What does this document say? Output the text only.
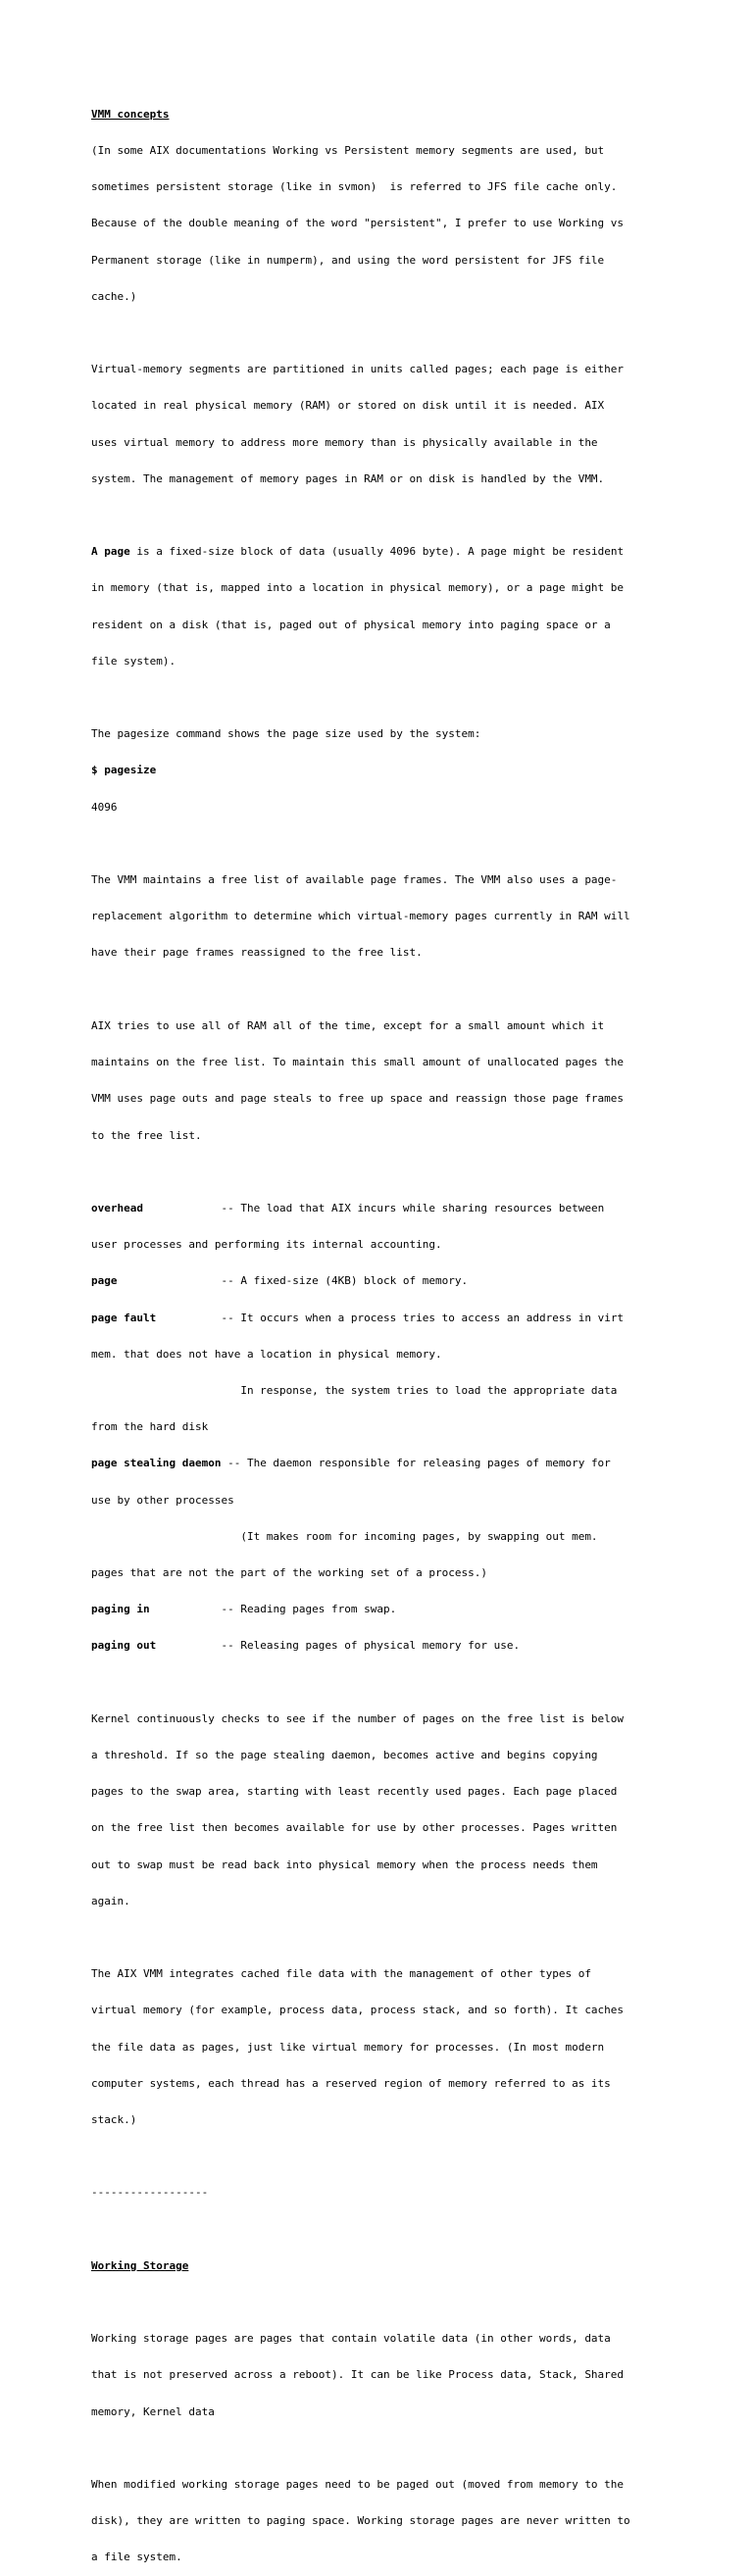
VMM concepts

(In some AIX documentations Working vs Persistent memory segments are used, but

sometimes persistent storage (like in svmon)  is referred to JFS file cache only.

Because of the double meaning of the word "persistent", I prefer to use Working vs

Permanent storage (like in numperm), and using the word persistent for JFS file

cache.)

Virtual-memory segments are partitioned in units called pages; each page is either

located in real physical memory (RAM) or stored on disk until it is needed. AIX

uses virtual memory to address more memory than is physically available in the

system. The management of memory pages in RAM or on disk is handled by the VMM.

A page is a fixed-size block of data (usually 4096 byte). A page might be resident

in memory (that is, mapped into a location in physical memory), or a page might be

resident on a disk (that is, paged out of physical memory into paging space or a

file system).

The pagesize command shows the page size used by the system:

$ pagesize

4096

The VMM maintains a free list of available page frames. The VMM also uses a page-

replacement algorithm to determine which virtual-memory pages currently in RAM will

have their page frames reassigned to the free list.

AIX tries to use all of RAM all of the time, except for a small amount which it

maintains on the free list. To maintain this small amount of unallocated pages the

VMM uses page outs and page steals to free up space and reassign those page frames

to the free list.

overhead            -- The load that AIX incurs while sharing resources between

user processes and performing its internal accounting.

page                -- A fixed-size (4KB) block of memory.

page fault          -- It occurs when a process tries to access an address in virt

mem. that does not have a location in physical memory.

In response, the system tries to load the appropriate data

from the hard disk

page stealing daemon -- The daemon responsible for releasing pages of memory for

use by other processes

(It makes room for incoming pages, by swapping out mem.

pages that are not the part of the working set of a process.)

paging in           -- Reading pages from swap.

paging out          -- Releasing pages of physical memory for use.

Kernel continuously checks to see if the number of pages on the free list is below

a threshold. If so the page stealing daemon, becomes active and begins copying

pages to the swap area, starting with least recently used pages. Each page placed

on the free list then becomes available for use by other processes. Pages written

out to swap must be read back into physical memory when the process needs them

again.

The AIX VMM integrates cached file data with the management of other types of

virtual memory (for example, process data, process stack, and so forth). It caches

the file data as pages, just like virtual memory for processes. (In most modern

computer systems, each thread has a reserved region of memory referred to as its

stack.)

------------------

Working Storage

Working storage pages are pages that contain volatile data (in other words, data

that is not preserved across a reboot). It can be like Process data, Stack, Shared

memory, Kernel data

When modified working storage pages need to be paged out (moved from memory to the

disk), they are written to paging space. Working storage pages are never written to

a file system.
